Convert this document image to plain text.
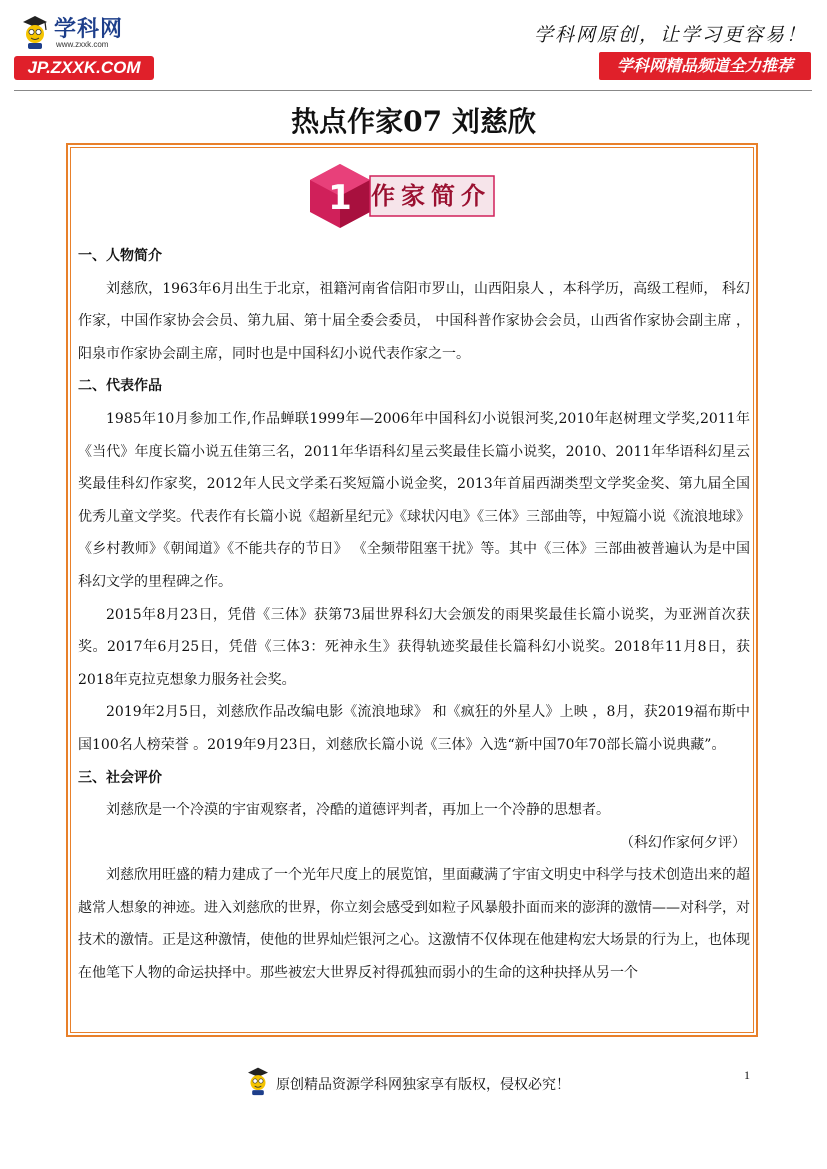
学科网
www.zxxk.com
JP.ZXXK.COM
学科网原创，让学习更容易！
学科网精品频道全力推荐
热点作家07 刘慈欣
1 作家简介

一、人物简介

刘慈欣，1963年6月出生于北京，祖籍河南省信阳市罗山，山西阳泉人 ，本科学历，高级工程师， 科幻作家，中国作家协会会员、第九届、第十届全委会委员， 中国科普作家协会会员，山西省作家协会副主席 ，阳泉市作家协会副主席，同时也是中国科幻小说代表作家之一。

二、代表作品

1985年10月参加工作,作品蝉联1999年—2006年中国科幻小说银河奖,2010年赵树理文学奖,2011年《当代》年度长篇小说五佳第三名，2011年华语科幻星云奖最佳长篇小说奖，2010、2011年华语科幻星云奖最佳科幻作家奖，2012年人民文学柔石奖短篇小说金奖，2013年首届西湖类型文学奖金奖、第九届全国优秀儿童文学奖。代表作有长篇小说《超新星纪元》《球状闪电》《三体》三部曲等，中短篇小说《流浪地球》《乡村教师》《朝闻道》《不能共存的节日》 《全频带阻塞干扰》等。其中《三体》三部曲被普遍认为是中国科幻文学的里程碑之作。

2015年8月23日，凭借《三体》获第73届世界科幻大会颁发的雨果奖最佳长篇小说奖，为亚洲首次获奖。2017年6月25日，凭借《三体3：死神永生》获得轨迹奖最佳长篇科幻小说奖。2018年11月8日，获2018年克拉克想象力服务社会奖。

2019年2月5日，刘慈欣作品改编电影《流浪地球》 和《疯狂的外星人》上映 ，8月，获2019福布斯中国100名人榜荣誉 。2019年9月23日，刘慈欣长篇小说《三体》入选“新中国70年70部长篇小说典藏”。

三、社会评价

刘慈欣是一个冷漠的宇宙观察者，冷酷的道德评判者，再加上一个冷静的思想者。

（科幻作家何夕评）

刘慈欣用旺盛的精力建成了一个光年尺度上的展览馆，里面藏满了宇宙文明史中科学与技术创造出来的超越常人想象的神迹。进入刘慈欣的世界，你立刻会感受到如粒子风暴般扑面而来的澎湃的激情——对科学，对技术的激情。正是这种激情，使他的世界灿烂银河之心。这激情不仅体现在他建构宏大场景的行为上，也体现在他笔下人物的命运抉择中。那些被宏大世界反衬得孤独而弱小的生命的这种抉择从另一个

原创精品资源学科网独家享有版权，侵权必究！
1
